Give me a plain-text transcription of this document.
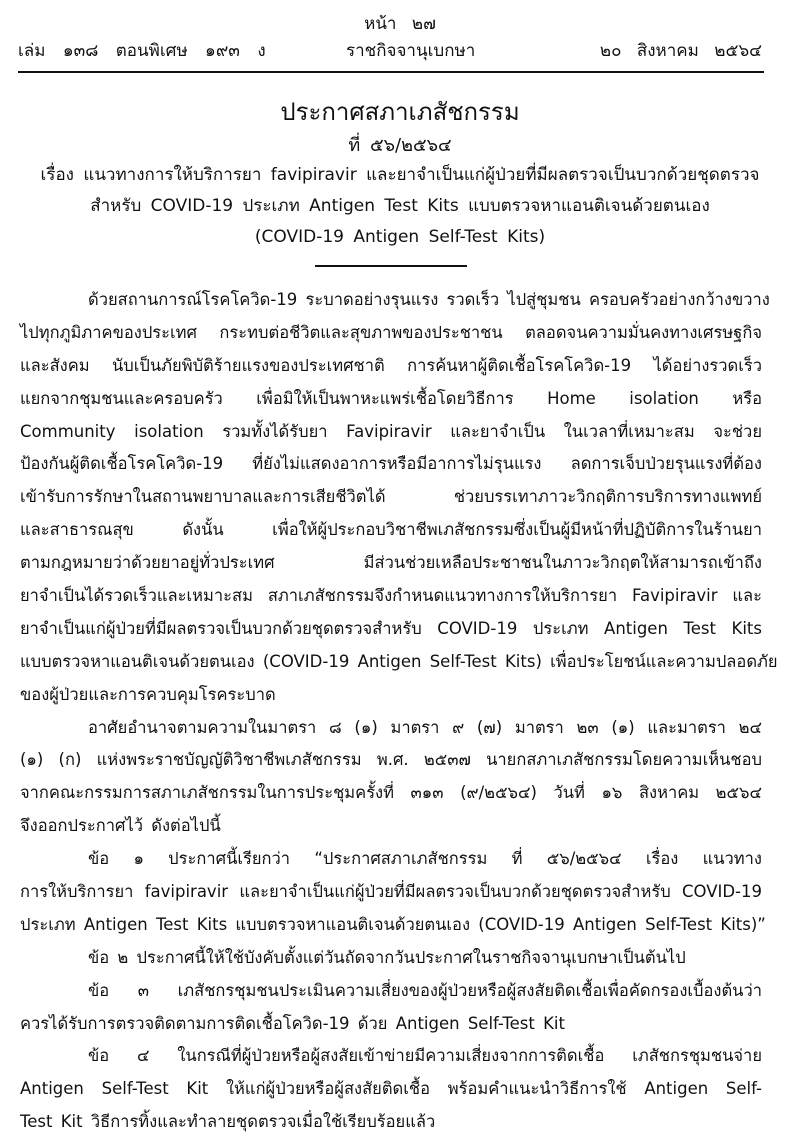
หน้า ๒๗
เล่ม ๑๓๘ ตอนพิเศษ ๑๙๓ ง	ราชกิจจานุเบกษา	๒๐ สิงหาคม ๒๕๖๔
ประกาศสภาเภสัชกรรม
ที่ ๕๖/๒๕๖๔
เรื่อง แนวทางการให้บริการยา favipiravir และยาจำเป็นแก่ผู้ป่วยที่มีผลตรวจเป็นบวกด้วยชุดตรวจ
สำหรับ COVID-19 ประเภท Antigen Test Kits แบบตรวจหาแอนติเจนด้วยตนเอง
(COVID-19 Antigen Self-Test Kits)
ด้วยสถานการณ์โรคโควิด-19 ระบาดอย่างรุนแรง รวดเร็ว ไปสู่ชุมชน ครอบครัวอย่างกว้างขวาง
ไปทุกภูมิภาคของประเทศ กระทบต่อชีวิตและสุขภาพของประชาชน ตลอดจนความมั่นคงทางเศรษฐกิจ
และสังคม นับเป็นภัยพิบัติร้ายแรงของประเทศชาติ การค้นหาผู้ติดเชื้อโรคโควิด-19 ได้อย่างรวดเร็ว
แยกจากชุมชนและครอบครัว เพื่อมิให้เป็นพาหะแพร่เชื้อโดยวิธีการ Home isolation หรือ
Community isolation รวมทั้งได้รับยา Favipiravir และยาจำเป็น ในเวลาที่เหมาะสม จะช่วย
ป้องกันผู้ติดเชื้อโรคโควิด-19 ที่ยังไม่แสดงอาการหรือมีอาการไม่รุนแรง ลดการเจ็บป่วยรุนแรงที่ต้อง
เข้ารับการรักษาในสถานพยาบาลและการเสียชีวิตได้ ช่วยบรรเทาภาวะวิกฤติการบริการทางแพทย์
และสาธารณสุข ดังนั้น เพื่อให้ผู้ประกอบวิชาชีพเภสัชกรรมซึ่งเป็นผู้มีหน้าที่ปฏิบัติการในร้านยา
ตามกฎหมายว่าด้วยยาอยู่ทั่วประเทศ มีส่วนช่วยเหลือประชาชนในภาวะวิกฤตให้สามารถเข้าถึง
ยาจำเป็นได้รวดเร็วและเหมาะสม สภาเภสัชกรรมจึงกำหนดแนวทางการให้บริการยา Favipiravir และ
ยาจำเป็นแก่ผู้ป่วยที่มีผลตรวจเป็นบวกด้วยชุดตรวจสำหรับ COVID-19 ประเภท Antigen Test Kits
แบบตรวจหาแอนติเจนด้วยตนเอง (COVID-19 Antigen Self-Test Kits) เพื่อประโยชน์และความปลอดภัย
ของผู้ป่วยและการควบคุมโรคระบาด
อาศัยอำนาจตามความในมาตรา ๘ (๑) มาตรา ๙ (๗) มาตรา ๒๓ (๑) และมาตรา ๒๔
(๑) (ก) แห่งพระราชบัญญัติวิชาชีพเภสัชกรรม พ.ศ. ๒๕๓๗ นายกสภาเภสัชกรรมโดยความเห็นชอบ
จากคณะกรรมการสภาเภสัชกรรมในการประชุมครั้งที่ ๓๑๓ (๙/๒๕๖๔) วันที่ ๑๖ สิงหาคม ๒๕๖๔
จึงออกประกาศไว้ ดังต่อไปนี้
ข้อ ๑ ประกาศนี้เรียกว่า “ประกาศสภาเภสัชกรรม ที่ ๕๖/๒๕๖๔ เรื่อง แนวทาง
การให้บริการยา favipiravir และยาจำเป็นแก่ผู้ป่วยที่มีผลตรวจเป็นบวกด้วยชุดตรวจสำหรับ COVID-19
ประเภท Antigen Test Kits แบบตรวจหาแอนติเจนด้วยตนเอง (COVID-19 Antigen Self-Test Kits)”
ข้อ ๒ ประกาศนี้ให้ใช้บังคับตั้งแต่วันถัดจากวันประกาศในราชกิจจานุเบกษาเป็นต้นไป
ข้อ ๓ เภสัชกรชุมชนประเมินความเสี่ยงของผู้ป่วยหรือผู้สงสัยติดเชื้อเพื่อคัดกรองเบื้องต้นว่า
ควรได้รับการตรวจติดตามการติดเชื้อโควิด-19 ด้วย Antigen Self-Test Kit
ข้อ ๔ ในกรณีที่ผู้ป่วยหรือผู้สงสัยเข้าข่ายมีความเสี่ยงจากการติดเชื้อ เภสัชกรชุมชนจ่าย
Antigen Self-Test Kit ให้แก่ผู้ป่วยหรือผู้สงสัยติดเชื้อ พร้อมคำแนะนำวิธีการใช้ Antigen Self-
Test Kit วิธีการทิ้งและทำลายชุดตรวจเมื่อใช้เรียบร้อยแล้ว
